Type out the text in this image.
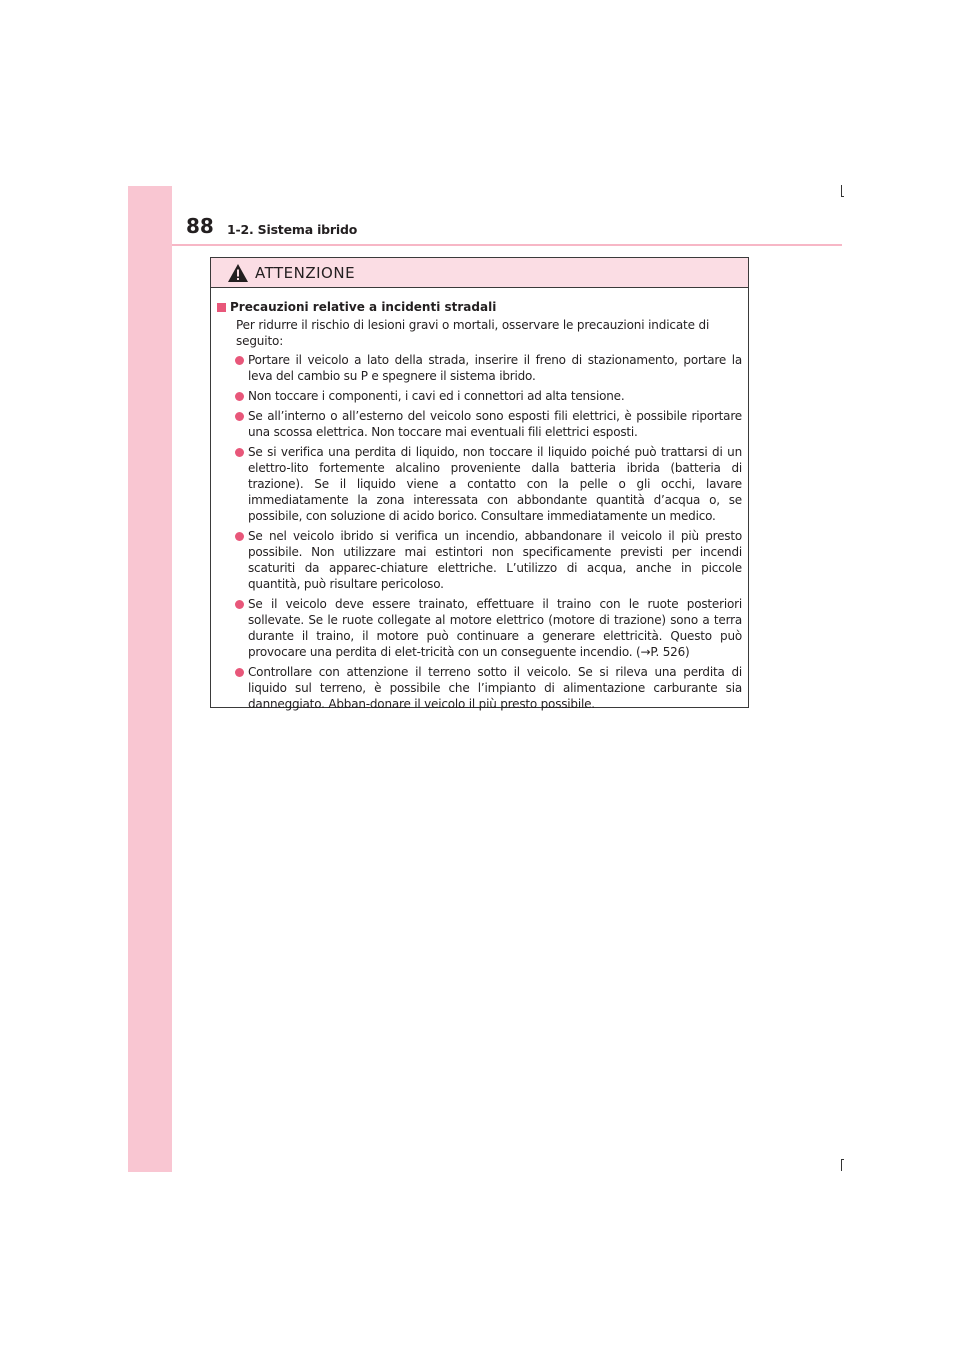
88 1-2. Sistema ibrido
ATTENZIONE

Precauzioni relative a incidenti stradali

Per ridurre il rischio di lesioni gravi o mortali, osservare le precauzioni indicate di seguito:

Portare il veicolo a lato della strada, inserire il freno di stazionamento, portare la leva del cambio su P e spegnere il sistema ibrido.
Non toccare i componenti, i cavi ed i connettori ad alta tensione.
Se all’interno o all’esterno del veicolo sono esposti fili elettrici, è possibile riportare una scossa elettrica. Non toccare mai eventuali fili elettrici esposti.
Se si verifica una perdita di liquido, non toccare il liquido poiché può trattarsi di un elettro-lito fortemente alcalino proveniente dalla batteria ibrida (batteria di trazione). Se il liquido viene a contatto con la pelle o gli occhi, lavare immediatamente la zona interessata con abbondante quantità d’acqua o, se possibile, con soluzione di acido borico. Consultare immediatamente un medico.
Se nel veicolo ibrido si verifica un incendio, abbandonare il veicolo il più presto possibile. Non utilizzare mai estintori non specificamente previsti per incendi scaturiti da apparec-chiature elettriche. L’utilizzo di acqua, anche in piccole quantità, può risultare pericoloso.
Se il veicolo deve essere trainato, effettuare il traino con le ruote posteriori sollevate. Se le ruote collegate al motore elettrico (motore di trazione) sono a terra durante il traino, il motore può continuare a generare elettricità. Questo può provocare una perdita di elet-tricità con un conseguente incendio. (→P. 526)
Controllare con attenzione il terreno sotto il veicolo. Se si rileva una perdita di liquido sul terreno, è possibile che l’impianto di alimentazione carburante sia danneggiato. Abban-donare il veicolo il più presto possibile.
